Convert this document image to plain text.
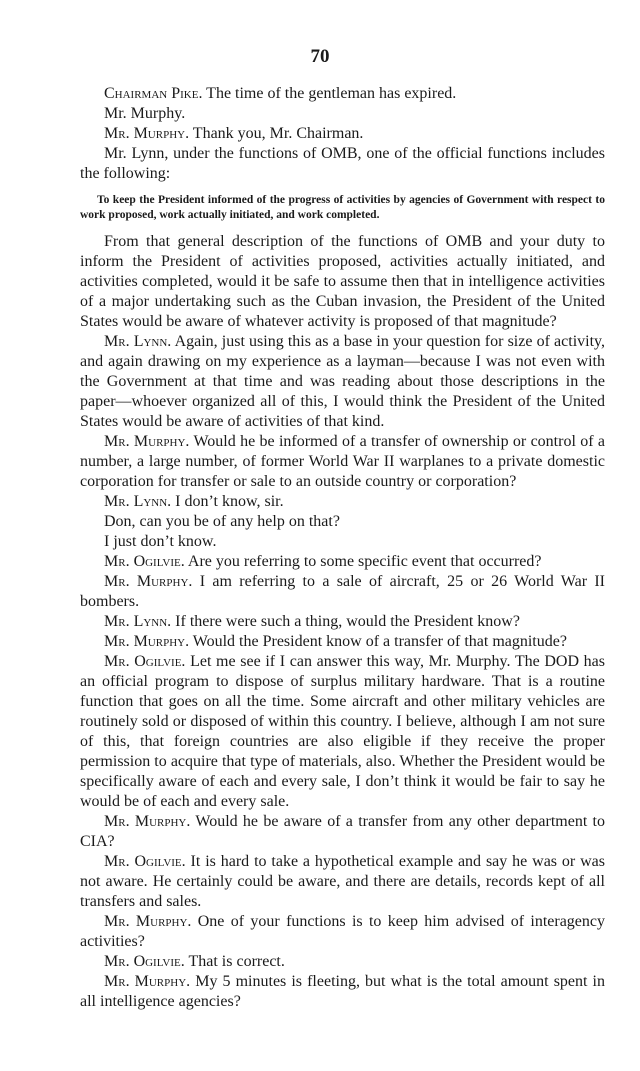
70

Chairman Pike. The time of the gentleman has expired.

Mr. Murphy.

Mr. Murphy. Thank you, Mr. Chairman.

Mr. Lynn, under the functions of OMB, one of the official functions includes the following:

To keep the President informed of the progress of activities by agencies of Government with respect to work proposed, work actually initiated, and work completed.

From that general description of the functions of OMB and your duty to inform the President of activities proposed, activities actually initiated, and activities completed, would it be safe to assume then that in intelligence activities of a major undertaking such as the Cuban invasion, the President of the United States would be aware of whatever activity is proposed of that magnitude?

Mr. Lynn. Again, just using this as a base in your question for size of activity, and again drawing on my experience as a layman—because I was not even with the Government at that time and was reading about those descriptions in the paper—whoever organized all of this, I would think the President of the United States would be aware of activities of that kind.

Mr. Murphy. Would he be informed of a transfer of ownership or control of a number, a large number, of former World War II warplanes to a private domestic corporation for transfer or sale to an outside country or corporation?

Mr. Lynn. I don’t know, sir.

Don, can you be of any help on that?

I just don’t know.

Mr. Ogilvie. Are you referring to some specific event that occurred?

Mr. Murphy. I am referring to a sale of aircraft, 25 or 26 World War II bombers.

Mr. Lynn. If there were such a thing, would the President know?

Mr. Murphy. Would the President know of a transfer of that magnitude?

Mr. Ogilvie. Let me see if I can answer this way, Mr. Murphy. The DOD has an official program to dispose of surplus military hardware. That is a routine function that goes on all the time. Some aircraft and other military vehicles are routinely sold or disposed of within this country. I believe, although I am not sure of this, that foreign countries are also eligible if they receive the proper permission to acquire that type of materials, also. Whether the President would be specifically aware of each and every sale, I don’t think it would be fair to say he would be of each and every sale.

Mr. Murphy. Would he be aware of a transfer from any other department to CIA?

Mr. Ogilvie. It is hard to take a hypothetical example and say he was or was not aware. He certainly could be aware, and there are details, records kept of all transfers and sales.

Mr. Murphy. One of your functions is to keep him advised of interagency activities?

Mr. Ogilvie. That is correct.

Mr. Murphy. My 5 minutes is fleeting, but what is the total amount spent in all intelligence agencies?
